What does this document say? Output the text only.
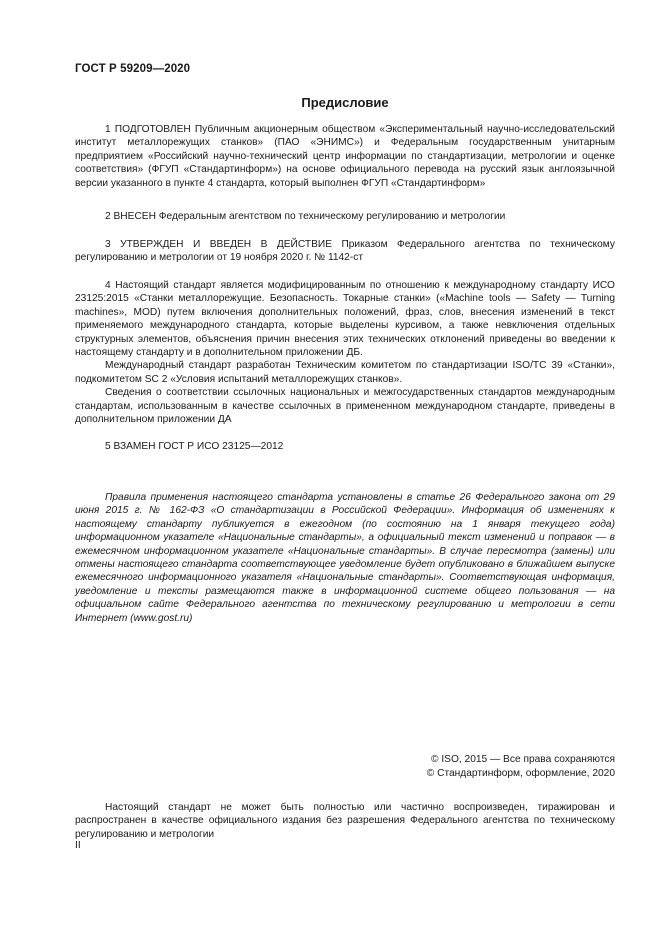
ГОСТ Р 59209—2020
Предисловие

1 ПОДГОТОВЛЕН Публичным акционерным обществом «Экспериментальный научно-исследовательский институт металлорежущих станков» (ПАО «ЭНИМС») и Федеральным государственным унитарным предприятием «Российский научно-технический центр информации по стандартизации, метрологии и оценке соответствия» (ФГУП «Стандартинформ») на основе официального перевода на русский язык англоязычной версии указанного в пункте 4 стандарта, который выполнен ФГУП «Стандартинформ»

2 ВНЕСЕН Федеральным агентством по техническому регулированию и метрологии

3 УТВЕРЖДЕН И ВВЕДЕН В ДЕЙСТВИЕ Приказом Федерального агентства по техническому регулированию и метрологии от 19 ноября 2020 г. № 1142-ст

4 Настоящий стандарт является модифицированным по отношению к международному стандарту ИСО 23125:2015 «Станки металлорежущие. Безопасность. Токарные станки» («Machine tools — Safety — Turning machines», MOD) путем включения дополнительных положений, фраз, слов, внесения изменений в текст применяемого международного стандарта, которые выделены курсивом, а также невключения отдельных структурных элементов, объяснения причин внесения этих технических отклонений приведены во введении к настоящему стандарту и в дополнительном приложении ДБ.

Международный стандарт разработан Техническим комитетом по стандартизации ISO/TC 39 «Станки», подкомитетом SC 2 «Условия испытаний металлорежущих станков».

Сведения о соответствии ссылочных национальных и межгосударственных стандартов международным стандартам, использованным в качестве ссылочных в примененном международном стандарте, приведены в дополнительном приложении ДА

5 ВЗАМЕН ГОСТ Р ИСО 23125—2012

Правила применения настоящего стандарта установлены в статье 26 Федерального закона от 29 июня 2015 г. № 162-ФЗ «О стандартизации в Российской Федерации». Информация об изменениях к настоящему стандарту публикуется в ежегодном (по состоянию на 1 января текущего года) информационном указателе «Национальные стандарты», а официальный текст изменений и поправок — в ежемесячном информационном указателе «Национальные стандарты». В случае пересмотра (замены) или отмены настоящего стандарта соответствующее уведомление будет опубликовано в ближайшем выпуске ежемесячного информационного указателя «Национальные стандарты». Соответствующая информация, уведомление и тексты размещаются также в информационной системе общего пользования — на официальном сайте Федерального агентства по техническому регулированию и метрологии в сети Интернет (www.gost.ru)

© ISO, 2015 — Все права сохраняются
© Стандартинформ, оформление, 2020

Настоящий стандарт не может быть полностью или частично воспроизведен, тиражирован и распространен в качестве официального издания без разрешения Федерального агентства по техническому регулированию и метрологии

II
